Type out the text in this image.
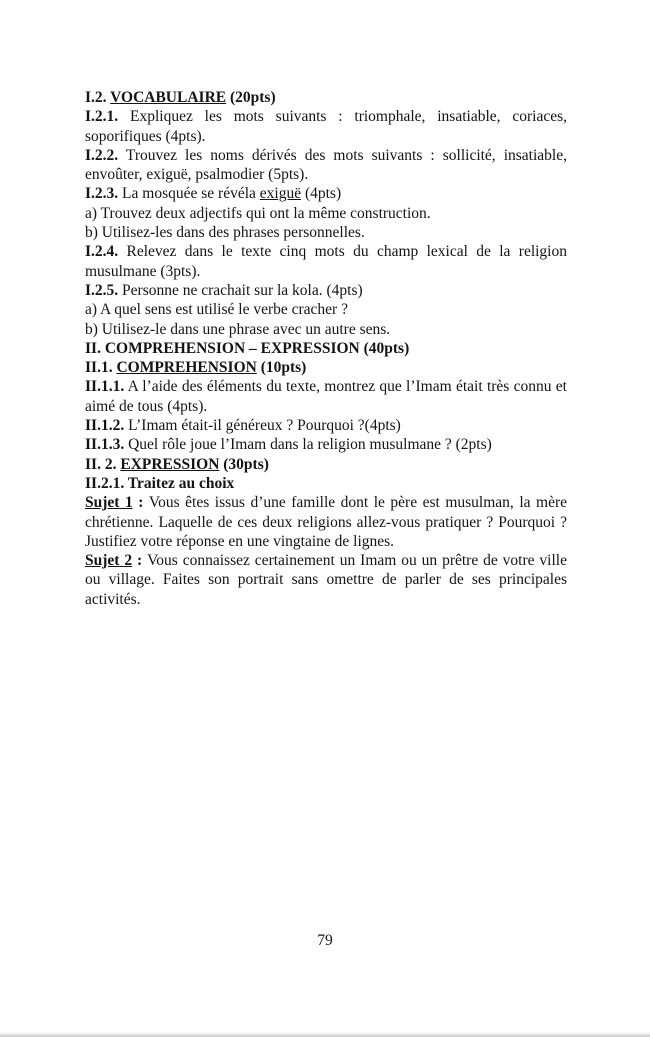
I.2. VOCABULAIRE (20pts)

I.2.1. Expliquez les mots suivants : triomphale, insatiable, coriaces, soporifiques (4pts).

I.2.2. Trouvez les noms dérivés des mots suivants : sollicité, insatiable, envoûter, exiguë, psalmodier (5pts).

I.2.3. La mosquée se révéla exiguë (4pts)

a) Trouvez deux adjectifs qui ont la même construction.

b) Utilisez-les dans des phrases personnelles.

I.2.4. Relevez dans le texte cinq mots du champ lexical de la religion musulmane (3pts).

I.2.5. Personne ne crachait sur la kola. (4pts)

a) A quel sens est utilisé le verbe cracher ?

b) Utilisez-le dans une phrase avec un autre sens.

II. COMPREHENSION – EXPRESSION (40pts)

II.1. COMPREHENSION (10pts)

II.1.1. A l’aide des éléments du texte, montrez que l’Imam était très connu et aimé de tous (4pts).

II.1.2. L’Imam était-il généreux ? Pourquoi ?(4pts)

II.1.3. Quel rôle joue l’Imam dans la religion musulmane ? (2pts)

II. 2. EXPRESSION (30pts)

II.2.1. Traitez au choix

Sujet 1 : Vous êtes issus d’une famille dont le père est musulman, la mère chrétienne. Laquelle de ces deux religions allez-vous pratiquer ? Pourquoi ? Justifiez votre réponse en une vingtaine de lignes.

Sujet 2 : Vous connaissez certainement un Imam ou un prêtre de votre ville ou village. Faites son portrait sans omettre de parler de ses principales activités.

79
